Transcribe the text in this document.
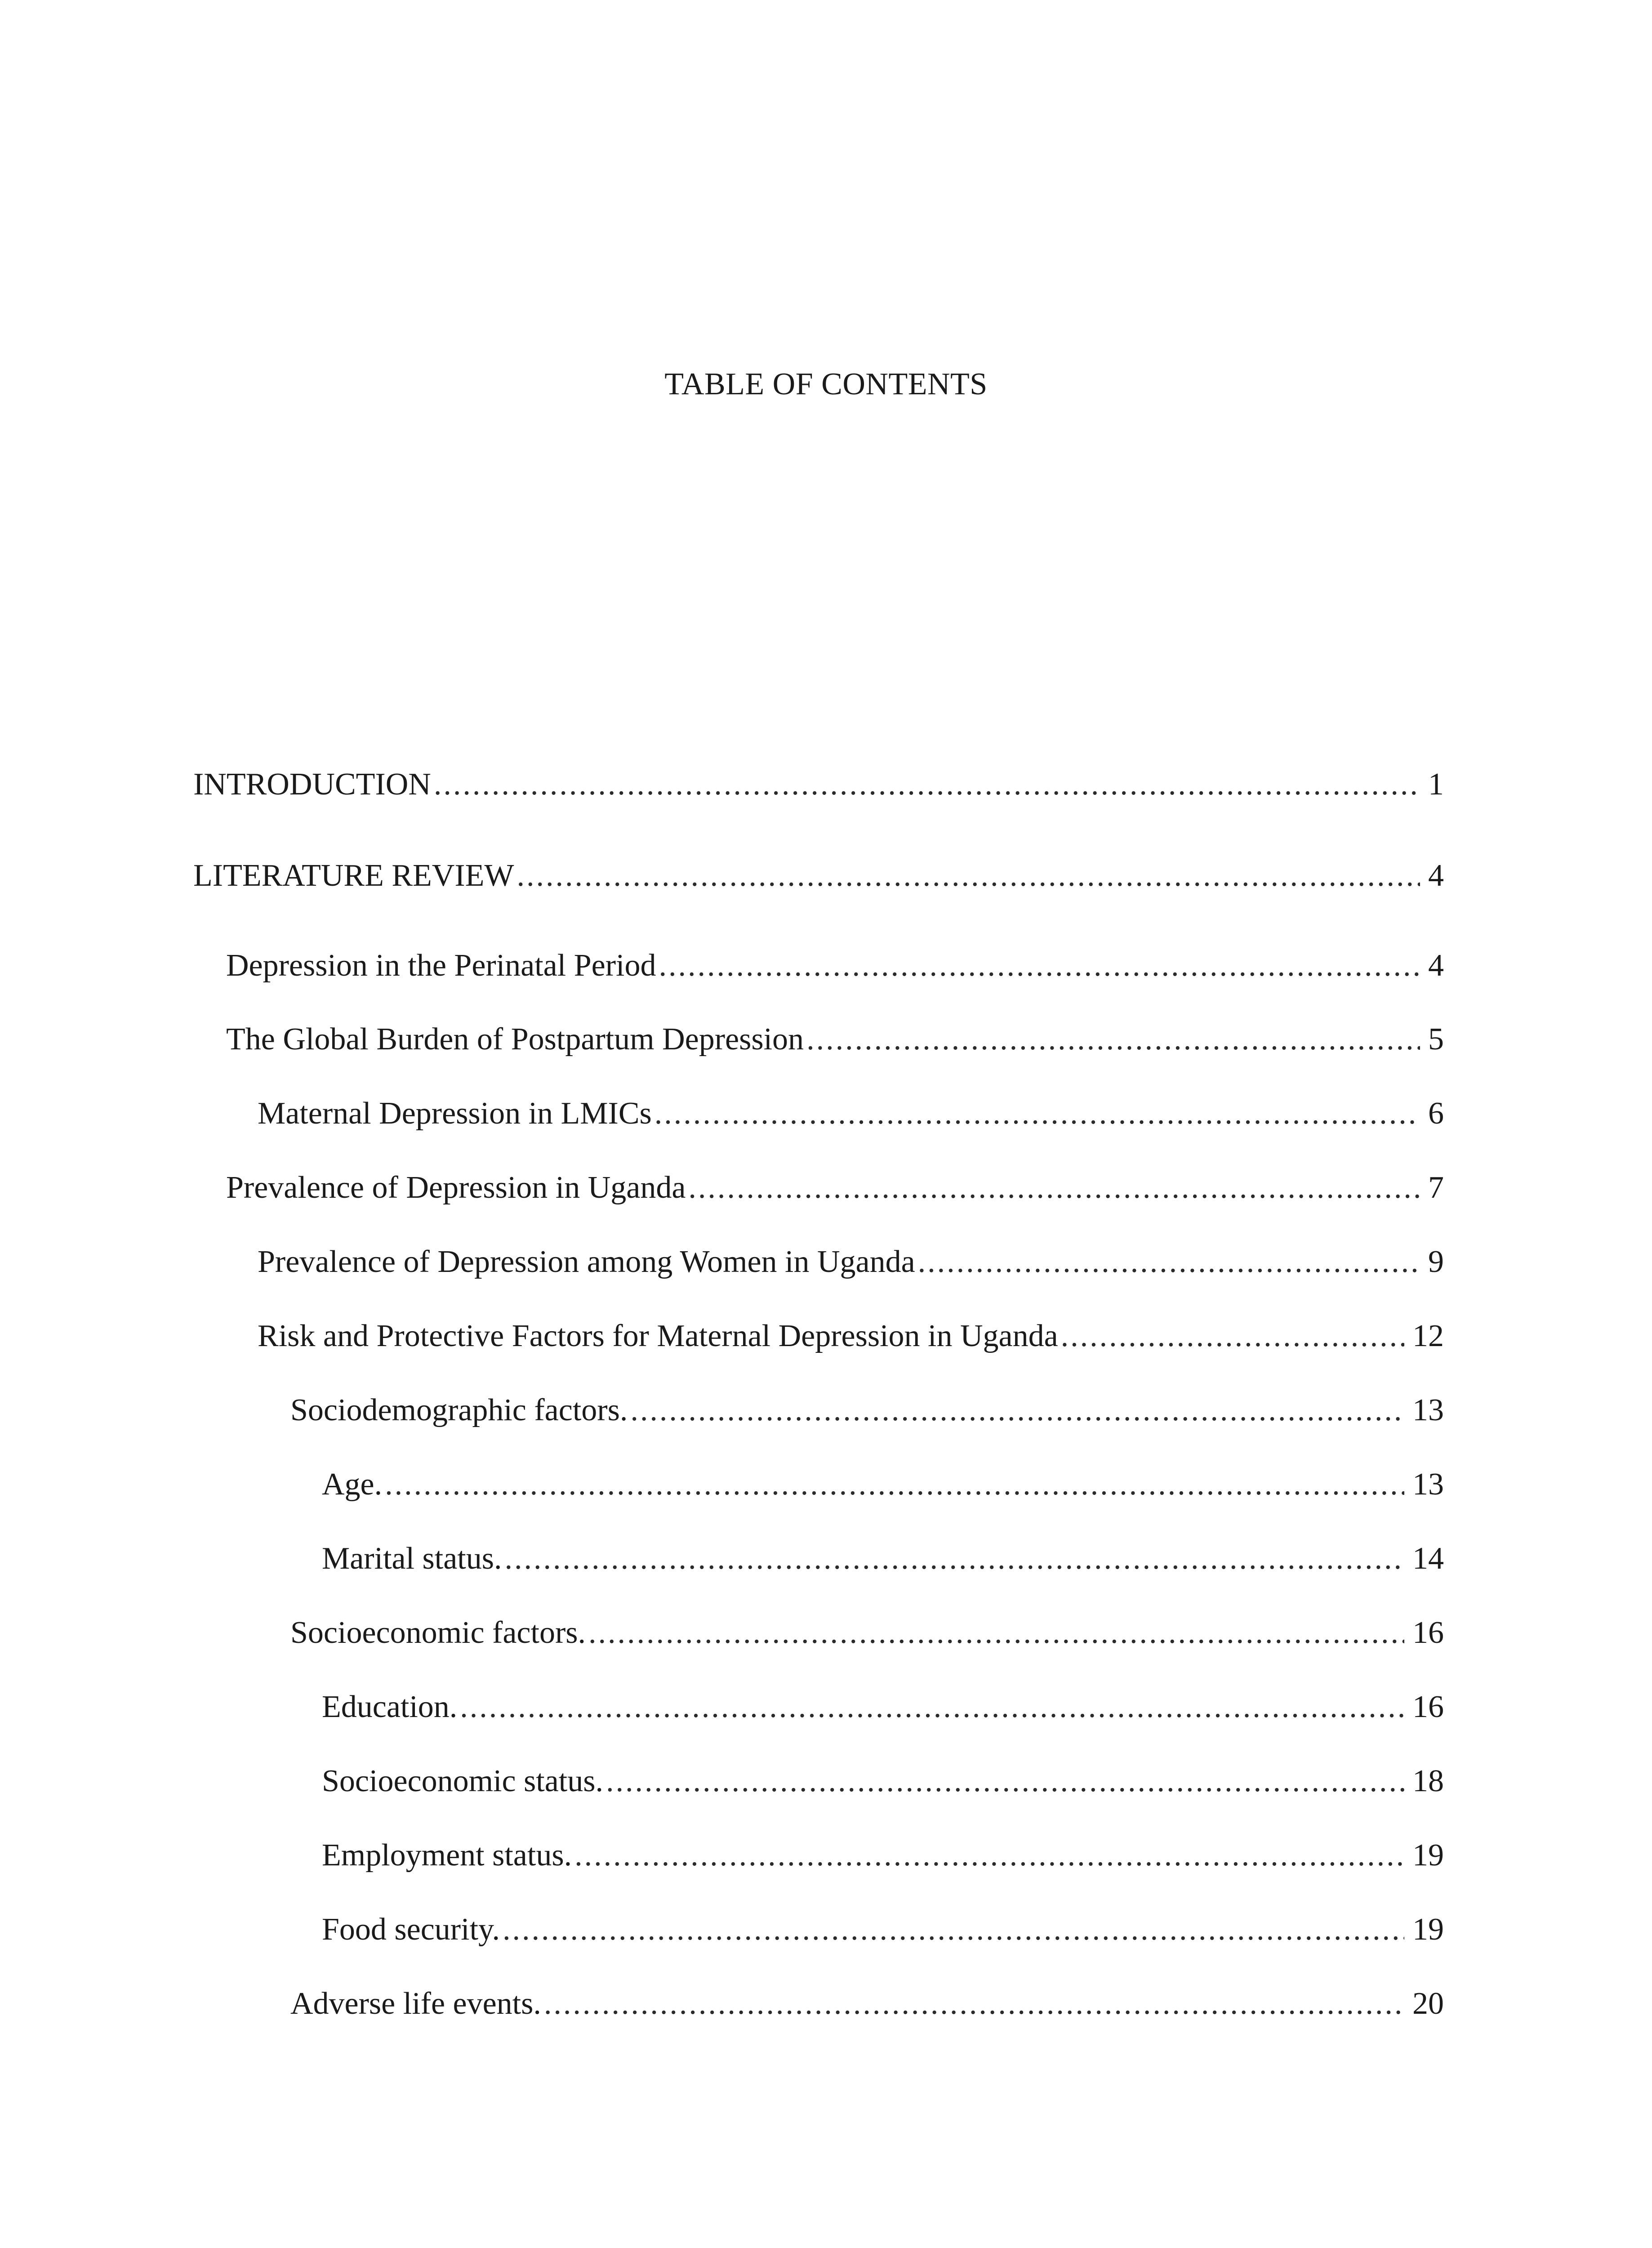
TABLE OF CONTENTS
INTRODUCTION .....	1
LITERATURE REVIEW .....	4
Depression in the Perinatal Period .....	4
The Global Burden of Postpartum Depression .....	5
Maternal Depression in LMICs .....	6
Prevalence of Depression in Uganda .....	7
Prevalence of Depression among Women in Uganda .....	9
Risk and Protective Factors for Maternal Depression in Uganda .....	12
Sociodemographic factors. .....	13
Age. .....	13
Marital status. .....	14
Socioeconomic factors. .....	16
Education. .....	16
Socioeconomic status. .....	18
Employment status. .....	19
Food security. .....	19
Adverse life events. .....	20
